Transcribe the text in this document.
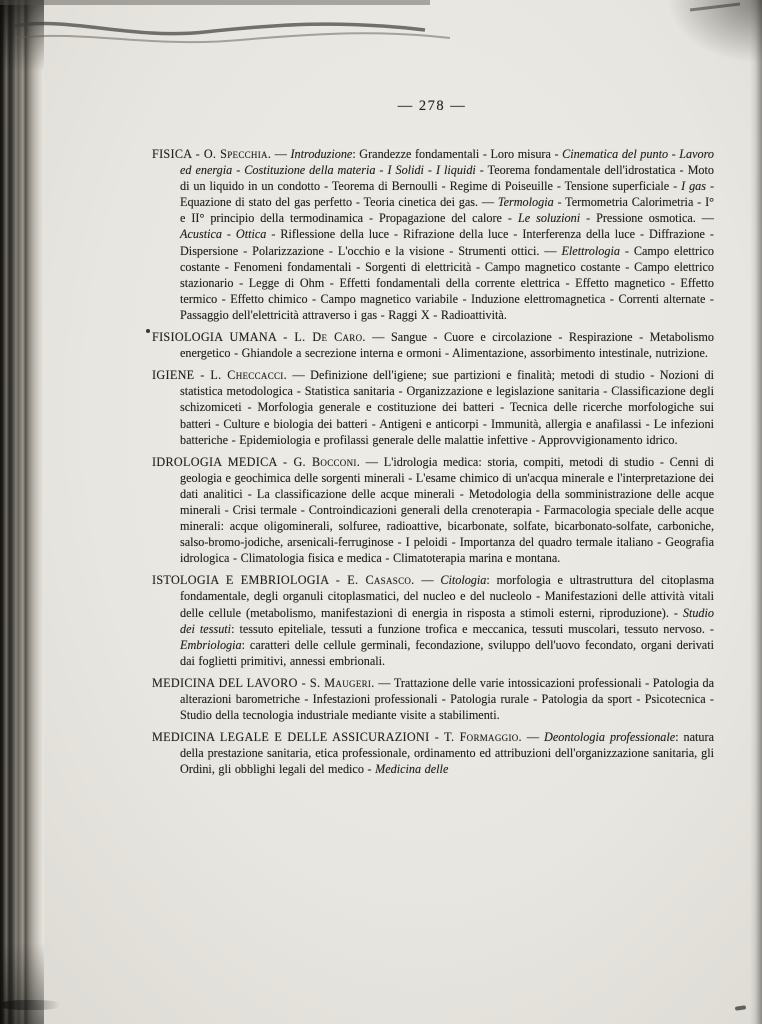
— 278 —

FISICA - O. Specchia. — Introduzione: Grandezze fondamentali - Loro misura - Cinematica del punto - Lavoro ed energia - Costituzione della materia - I Solidi - I liquidi - Teorema fondamentale dell'idrostatica - Moto di un liquido in un condotto - Teorema di Bernoulli - Regime di Poiseuille - Tensione superficiale - I gas - Equazione di stato del gas perfetto - Teoria cinetica dei gas. — Termologia - Termometria Calorimetria - I° e II° principio della termodinamica - Propagazione del calore - Le soluzioni - Pressione osmotica. — Acustica - Ottica - Riflessione della luce - Rifrazione della luce - Interferenza della luce - Diffrazione - Dispersione - Polarizzazione - L'occhio e la visione - Strumenti ottici. — Elettrologia - Campo elettrico costante - Fenomeni fondamentali - Sorgenti di elettricità - Campo magnetico costante - Campo elettrico stazionario - Legge di Ohm - Effetti fondamentali della corrente elettrica - Effetto magnetico - Effetto termico - Effetto chimico - Campo magnetico variabile - Induzione elettromagnetica - Correnti alternate - Passaggio dell'elettricità attraverso i gas - Raggi X - Radioattività.

FISIOLOGIA UMANA - L. De Caro. — Sangue - Cuore e circolazione - Respirazione - Metabolismo energetico - Ghiandole a secrezione interna e ormoni - Alimentazione, assorbimento intestinale, nutrizione.

IGIENE - L. Checcacci. — Definizione dell'igiene; sue partizioni e finalità; metodi di studio - Nozioni di statistica metodologica - Statistica sanitaria - Organizzazione e legislazione sanitaria - Classificazione degli schizomiceti - Morfologia generale e costituzione dei batteri - Tecnica delle ricerche morfologiche sui batteri - Culture e biologia dei batteri - Antigeni e anticorpi - Immunità, allergia e anafilassi - Le infezioni batteriche - Epidemiologia e profilassi generale delle malattie infettive - Approvvigionamento idrico.

IDROLOGIA MEDICA - G. Bocconi. — L'idrologia medica: storia, compiti, metodi di studio - Cenni di geologia e geochimica delle sorgenti minerali - L'esame chimico di un'acqua minerale e l'interpretazione dei dati analitici - La classificazione delle acque minerali - Metodologia della somministrazione delle acque minerali - Crisi termale - Controindicazioni generali della crenoterapia - Farmacologia speciale delle acque minerali: acque oligominerali, solfuree, radioattive, bicarbonate, solfate, bicarbonato-solfate, carboniche, salso-bromo-jodiche, arsenicali-ferruginose - I peloidi - Importanza del quadro termale italiano - Geografia idrologica - Climatologia fisica e medica - Climatoterapia marina e montana.

ISTOLOGIA E EMBRIOLOGIA - E. Casasco. — Citologia: morfologia e ultrastruttura del citoplasma fondamentale, degli organuli citoplasmatici, del nucleo e del nucleolo - Manifestazioni delle attività vitali delle cellule (metabolismo, manifestazioni di energia in risposta a stimoli esterni, riproduzione). - Studio dei tessuti: tessuto epiteliale, tessuti a funzione trofica e meccanica, tessuti muscolari, tessuto nervoso. - Embriologia: caratteri delle cellule germinali, fecondazione, sviluppo dell'uovo fecondato, organi derivati dai foglietti primitivi, annessi embrionali.

MEDICINA DEL LAVORO - S. Maugeri. — Trattazione delle varie intossicazioni professionali - Patologia da alterazioni barometriche - Infestazioni professionali - Patologia rurale - Patologia da sport - Psicotecnica - Studio della tecnologia industriale mediante visite a stabilimenti.

MEDICINA LEGALE E DELLE ASSICURAZIONI - T. Formaggio. — Deontologia professionale: natura della prestazione sanitaria, etica professionale, ordinamento ed attribuzioni dell'organizzazione sanitaria, gli Ordini, gli obblighi legali del medico - Medicina delle
